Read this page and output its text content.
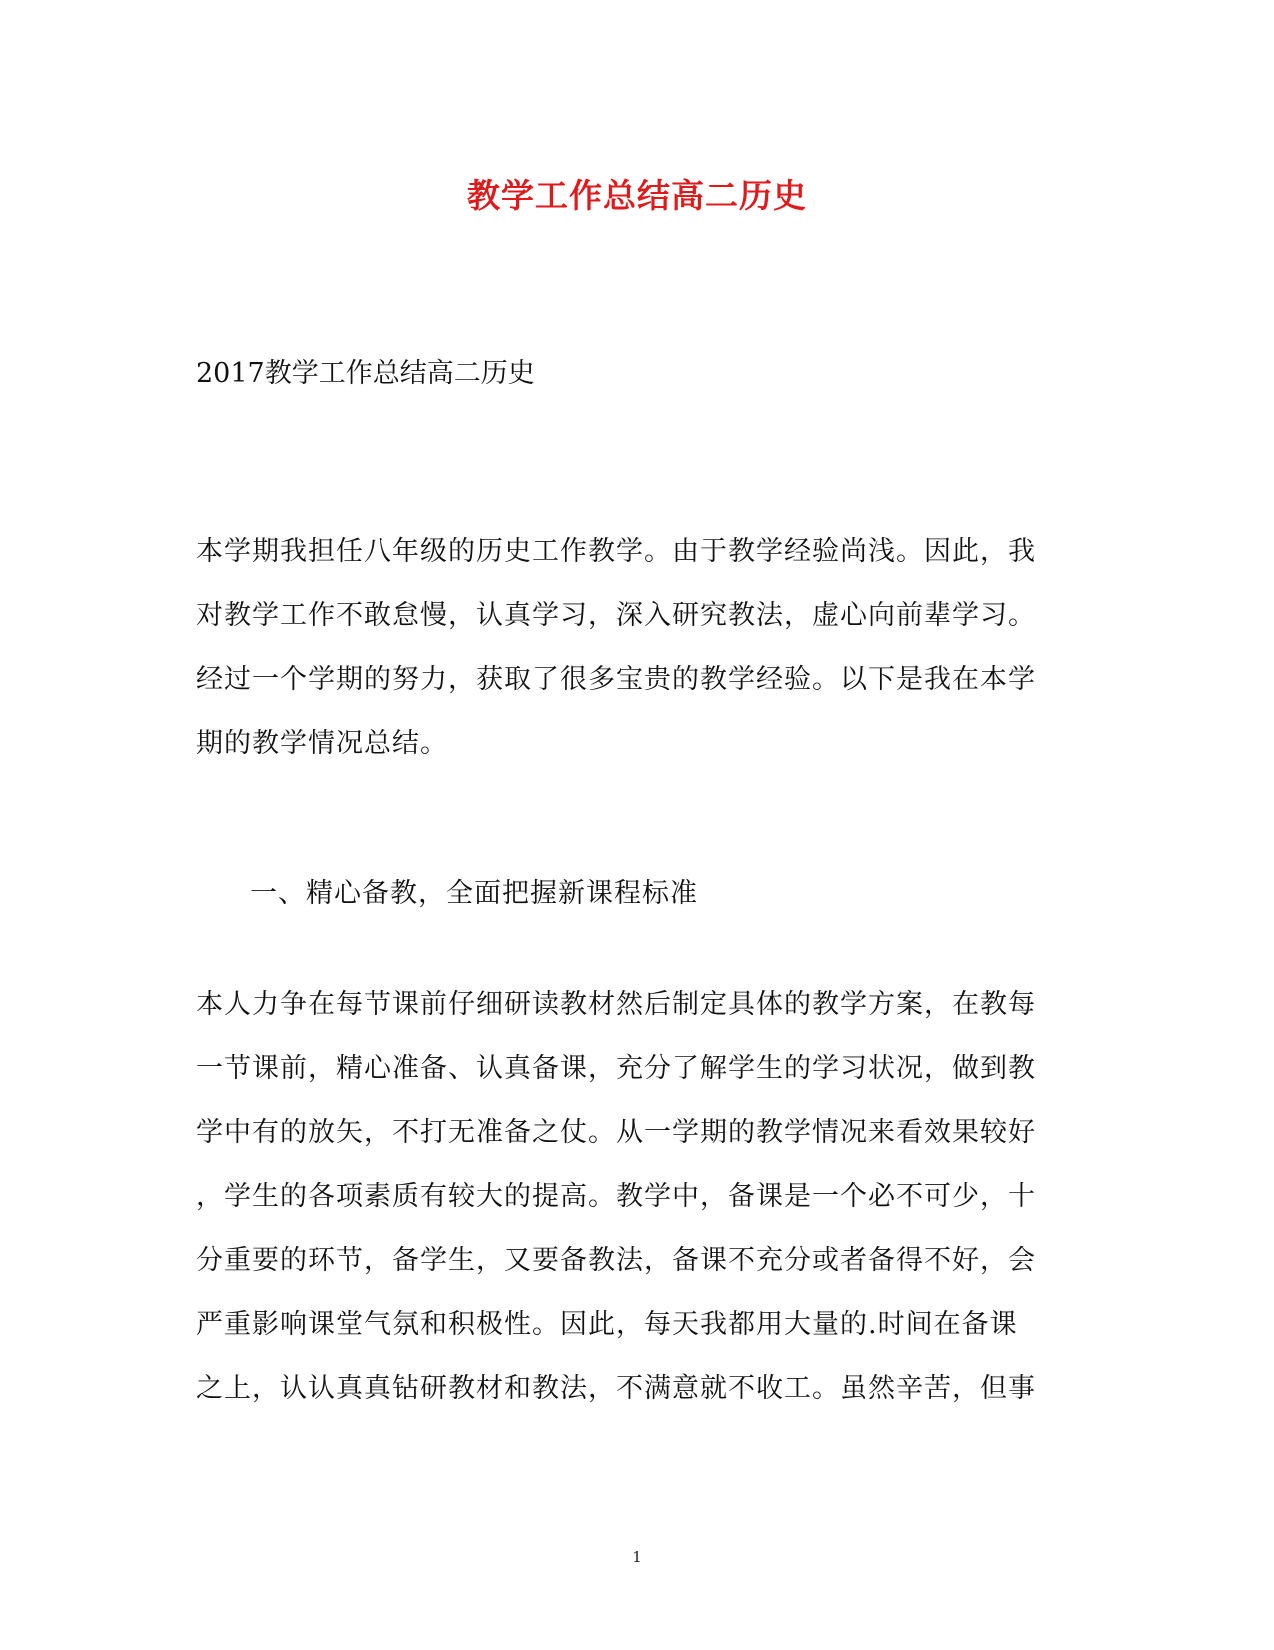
教学工作总结高二历史
2017教学工作总结高二历史
本学期我担任八年级的历史工作教学。由于教学经验尚浅。因此，我
对教学工作不敢怠慢，认真学习，深入研究教法，虚心向前辈学习。
经过一个学期的努力，获取了很多宝贵的教学经验。以下是我在本学
期的教学情况总结。
一、精心备教，全面把握新课程标准
本人力争在每节课前仔细研读教材然后制定具体的教学方案，在教每
一节课前，精心准备、认真备课，充分了解学生的学习状况，做到教
学中有的放矢，不打无准备之仗。从一学期的教学情况来看效果较好
，学生的各项素质有较大的提高。教学中，备课是一个必不可少，十
分重要的环节，备学生，又要备教法，备课不充分或者备得不好，会
严重影响课堂气氛和积极性。因此，每天我都用大量的.时间在备课
之上，认认真真钻研教材和教法，不满意就不收工。虽然辛苦，但事
1
